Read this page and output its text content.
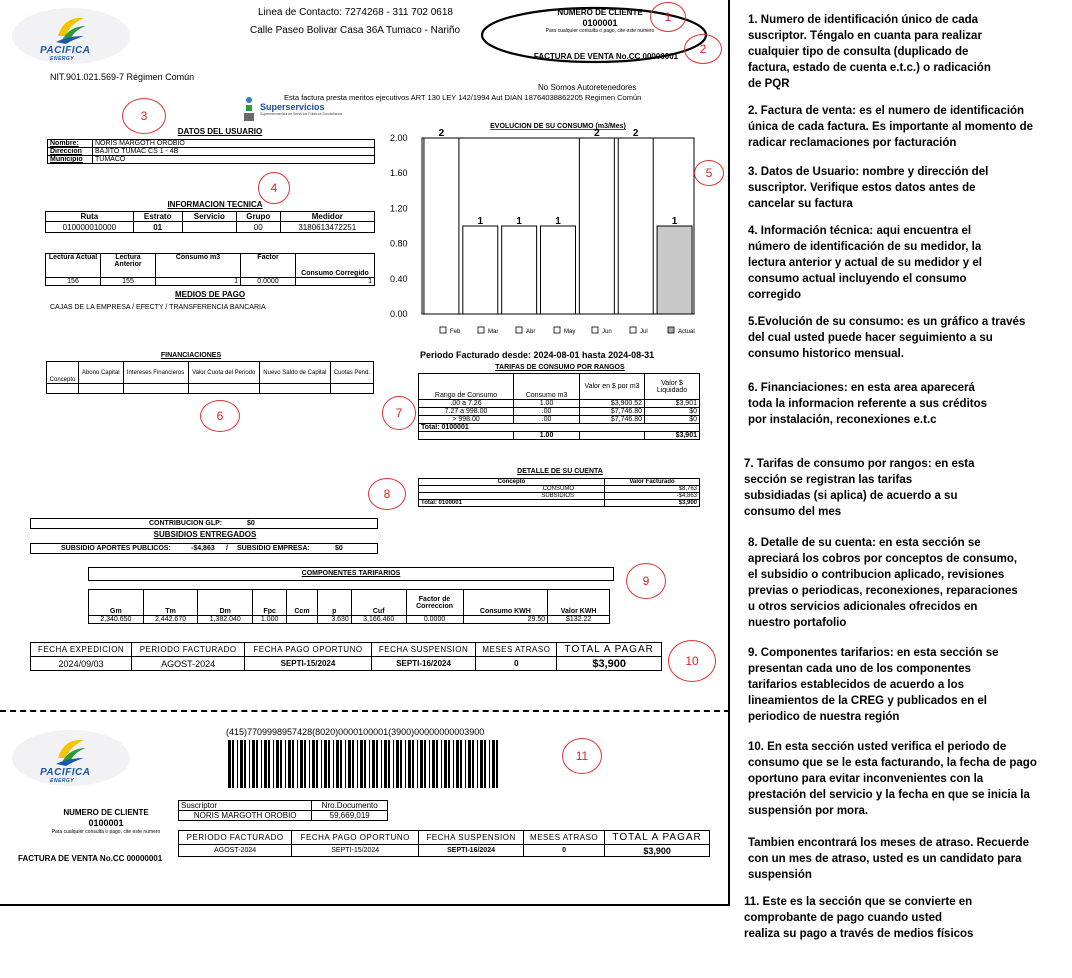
PACIFICA
ENERGY
Linea de Contacto: 7274268 - 311 702 0618
Calle Paseo Bolivar Casa 36A Tumaco - Nariño
NIT.901.021.569-7 Régimen Común
NUMERO DE CLIENTE
0100001
Para cualquier consulta o pago, cite este numero
FACTURA DE VENTA No.CC 00000001
No Somos Autoretenedores
Esta factura presta meritos ejecutivos ART 130 LEY 142/1994 Aut DIAN 18764038862205 Regimen Común
Superservicios
Superintendencia de Servicios Públicos Domiciliarios
DATOS DEL USUARIO
Nombre:	NORIS MARGOTH OROBIO
Direccion	BAJITO TUMAC CS 1 - 4B
Municipio	TUMACO
INFORMACION TECNICA
Ruta	Estrato	Servicio	Grupo	Medidor
010000010000	01		00	3180613472251
Lectura Actual	Lectura Anterior	Consumo m3	Factor	Consumo Corregido
156	155	1	0.0000	1
MEDIOS DE PAGO
CAJAS DE LA EMPRESA / EFECTY / TRANSFERENCIA BANCARIA
FINANCIACIONES
Concepto	Abono Capital	Intereses Financieros	Valor Cuota del Periodo	Nuevo Saldo de Capital	Cuotas Pend.

EVOLUCION DE SU CONSUMO (m3/Mes)
0.00
0.40
0.80
1.20
1.60
2.00	2
Feb
1
Mar
1
Abr
1
May
2
Jun
2
Jul
1
Actual
Periodo Facturado desde: 2024-08-01 hasta 2024-08-31
TARIFAS DE CONSUMO POR RANGOS
Rango de Consumo	Consumo m3	Valor en $ por m3	Valor $ Liquidado
.00 a 7.26	1.00	$3,900.52	$3,901
7.27 a 998.00	.00	$7,746.80	$0
> 998.00	.00	$7,746.80	$0
Total: 0100001			
	1.00		$3,901
DETALLE DE SU CUENTA
Concepto	Valor Facturado
CONSUMO	$8,763
SUBSIDIOS	-$4,863
Total: 0100001	$3,900
CONTRIBUCION GLP:	$0
SUBSIDIOS ENTREGADOS
SUBSIDIO APORTES PUBLICOS:	-$4,863 / SUBSIDIO EMPRESA:	$0
COMPONENTES TARIFARIOS
Gm	Tm	Dm	Fpc	Ccm	p	Cuf	Factor de Correccion	Consumo KWH	Valor KWH
2,340.650	2,442.670	1,382.040	1.000		3.630	3,166.460	0.0000	29.50	$132.22
FECHA EXPEDICION	PERIODO FACTURADO	FECHA PAGO OPORTUNO	FECHA SUSPENSION	MESES ATRASO	TOTAL A PAGAR
2024/09/03	AGOST-2024	SEPTI-15/2024	SEPTI-16/2024	0	$3,900
PACIFICA
ENERGY
(415)7709998957428(8020)0000100001(3900)00000000003900
NUMERO DE CLIENTE
0100001
Para cualquier consulta o pago, cite este numero
FACTURA DE VENTA No.CC 00000001
Suscriptor	Nro.Documento
NORIS MARGOTH OROBIO	59,669,019
PERIODO FACTURADO	FECHA PAGO OPORTUNO	FECHA SUSPENSION	MESES ATRASO	TOTAL A PAGAR
AGOST-2024	SEPTI-15/2024	SEPTI-16/2024	0	$3,900
1
2
3
4
5
6	7
8
9
10
11
1. Numero de identificación único de cada suscriptor. Téngalo en cuanta para realizar cualquier tipo de consulta (duplicado de factura, estado de cuenta e.t.c.) o radicación de PQR
2. Factura de venta: es el numero de identificación única de cada factura. Es importante al momento de radicar reclamaciones por facturación
3. Datos de Usuario: nombre y dirección del suscriptor. Verifique estos datos antes de cancelar su factura
4. Información técnica: aqui encuentra el número de identificación de su medidor, la lectura anterior y actual de su medidor y el consumo actual incluyendo el consumo corregido
5.Evolución de su consumo: es un gráfico a través del cual usted puede hacer seguimiento a su consumo historico mensual.
6. Financiaciones: en esta area aparecerá toda la informacion referente a sus créditos por instalación, reconexiones e.t.c
7. Tarifas de consumo por rangos: en esta sección se registran las tarifas subsidiadas (si aplica) de acuerdo a su consumo del mes
8. Detalle de su cuenta: en esta sección se apreciará los cobros por conceptos de consumo, el subsidio o contribucion aplicado, revisiones previas o periodicas, reconexiones, reparaciones u otros servicios adicionales ofrecidos en nuestro portafolio
9. Componentes tarifarios: en esta sección se presentan cada uno de los componentes tarifarios establecidos de acuerdo a los lineamientos de la CREG y publicados en el periodico de nuestra región
10. En esta sección usted verifica el periodo de consumo que se le esta facturando, la fecha de pago oportuno para evitar inconvenientes con la prestación del servicio y la fecha en que se inicia la suspensión por mora.
Tambien encontrará los meses de atraso. Recuerde con un mes de atraso, usted es un candidato para suspensión
11. Este es la sección que se convierte en comprobante de pago cuando usted realiza su pago a través de medios físicos
